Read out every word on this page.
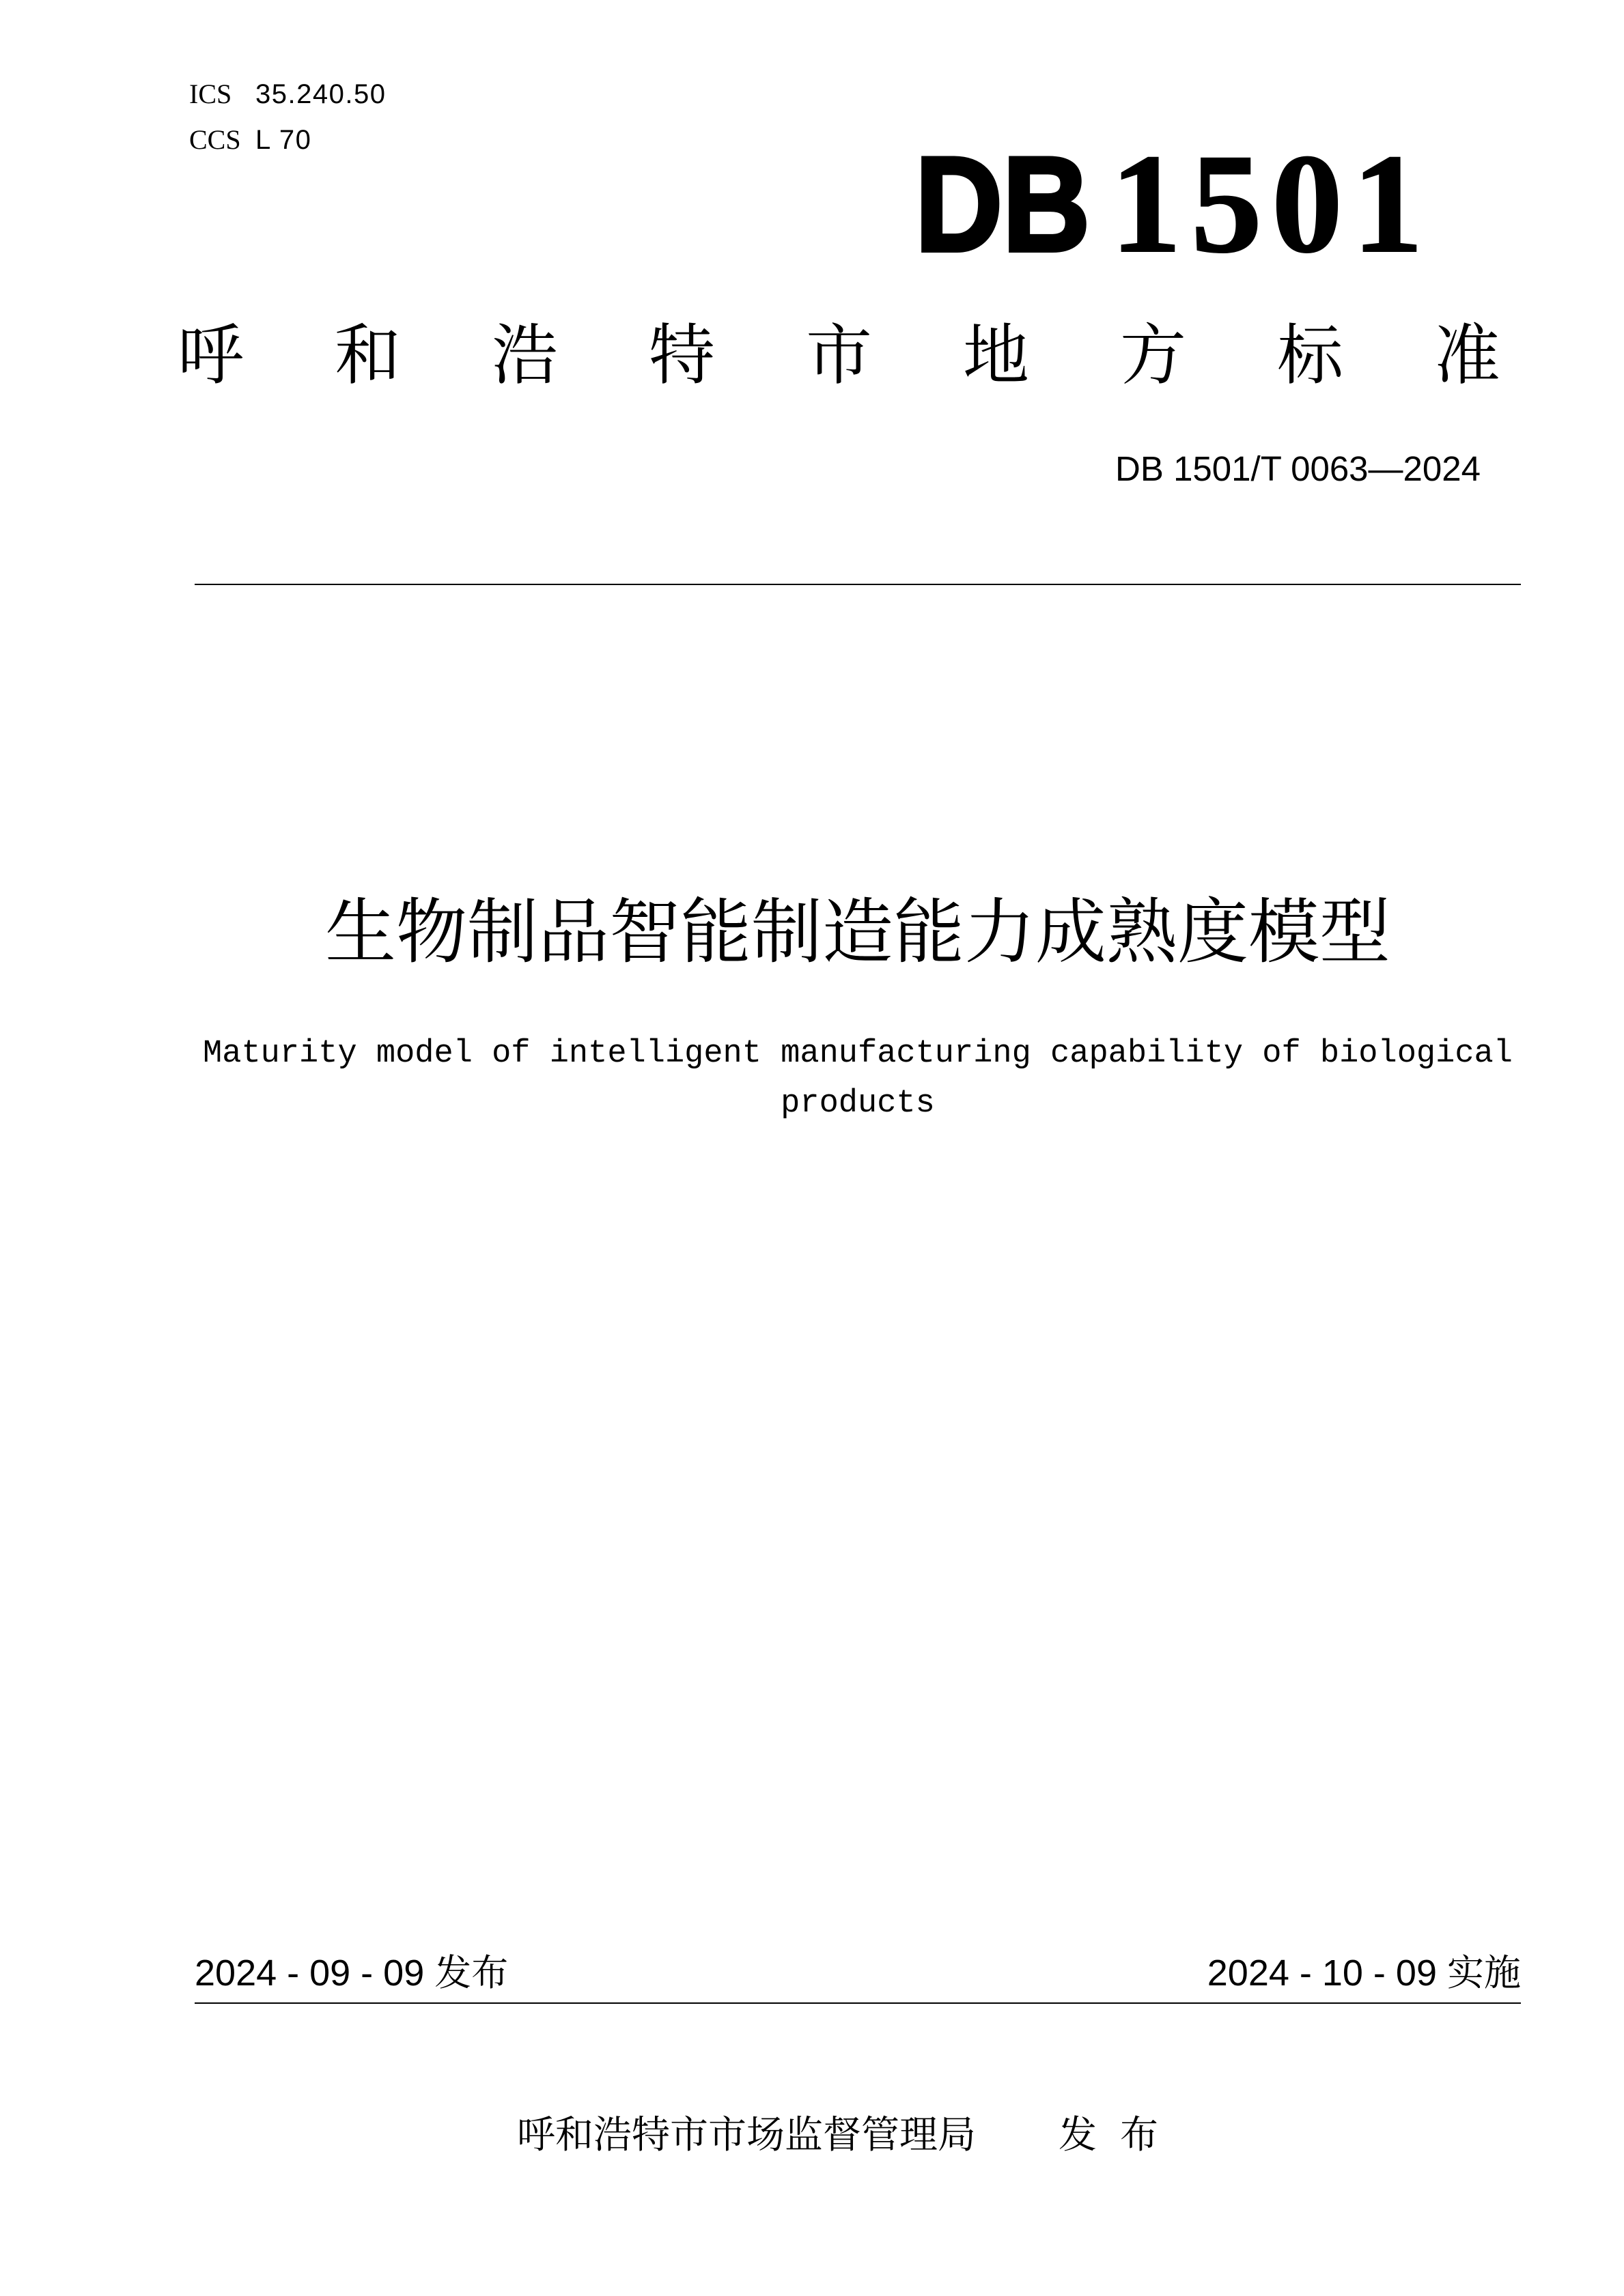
ICS 35.240.50
CCS L 70	DB 1501
呼和浩特市地方标准
DB 1501/T 0063—2024
生物制品智能制造能力成熟度模型
Maturity model of intelligent manufacturing capability of biological products
2024 - 09 - 09 发布	2024 - 10 - 09 实施
呼和浩特市市场监督管理局 发布
